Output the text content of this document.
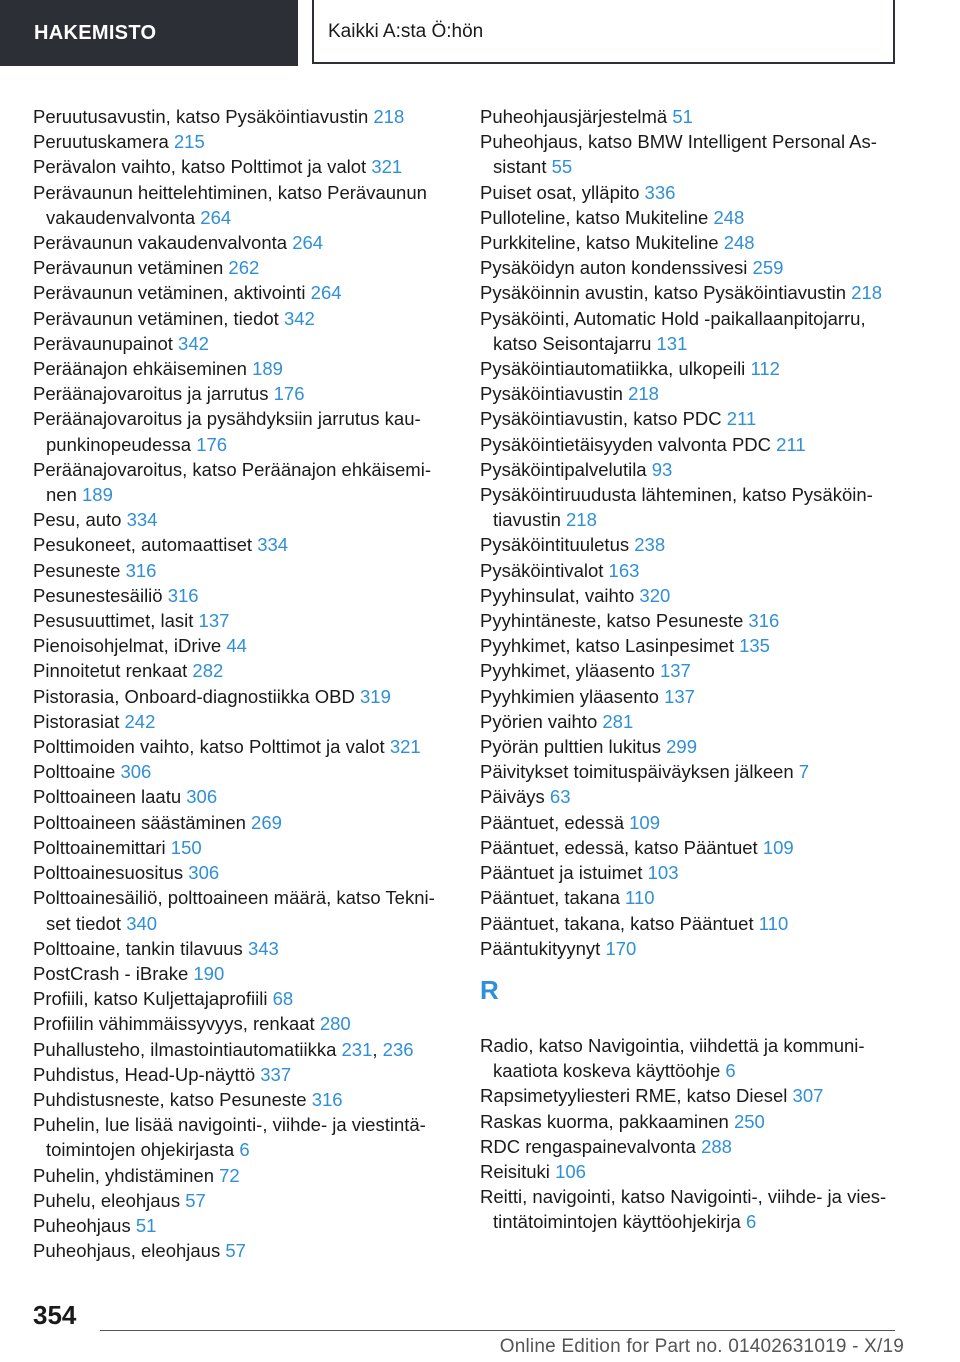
HAKEMISTO	Kaikki A:sta Ö:hön

Peruutusavustin, katso Pysäköintiavustin 218

Peruutuskamera 215

Perävalon vaihto, katso Polttimot ja valot 321

Perävaunun heittelehtiminen, katso Perävaunun vakaudenvalvonta 264

Perävaunun vakaudenvalvonta 264

Perävaunun vetäminen 262

Perävaunun vetäminen, aktivointi 264

Perävaunun vetäminen, tiedot 342

Perävaunupainot 342

Peräänajon ehkäiseminen 189

Peräänajovaroitus ja jarrutus 176

Peräänajovaroitus ja pysähdyksiin jarrutus kaupunkinopeudessa 176

Peräänajovaroitus, katso Peräänajon ehkäiseminen 189

Pesu, auto 334

Pesukoneet, automaattiset 334

Pesuneste 316

Pesunestesäiliö 316

Pesusuuttimet, lasit 137

Pienoisohjelmat, iDrive 44

Pinnoitetut renkaat 282

Pistorasia, Onboard-diagnostiikka OBD 319

Pistorasiat 242

Polttimoiden vaihto, katso Polttimot ja valot 321

Polttoaine 306

Polttoaineen laatu 306

Polttoaineen säästäminen 269

Polttoainemittari 150

Polttoainesuositus 306

Polttoainesäiliö, polttoaineen määrä, katso Tekniset tiedot 340

Polttoaine, tankin tilavuus 343

PostCrash - iBrake 190

Profiili, katso Kuljettajaprofiili 68

Profiilin vähimmäissyvyys, renkaat 280

Puhallusteho, ilmastointiautomatiikka 231, 236

Puhdistus, Head-Up-näyttö 337

Puhdistusneste, katso Pesuneste 316

Puhelin, lue lisää navigointi-, viihde- ja viestintätoimintojen ohjekirjasta 6

Puhelin, yhdistäminen 72

Puhelu, eleohjaus 57

Puheohjaus 51

Puheohjaus, eleohjaus 57

Puheohjausjärjestelmä 51

Puheohjaus, katso BMW Intelligent Personal Assistant 55

Puiset osat, ylläpito 336

Pulloteline, katso Mukiteline 248

Purkkiteline, katso Mukiteline 248

Pysäköidyn auton kondenssivesi 259

Pysäköinnin avustin, katso Pysäköintiavustin 218

Pysäköinti, Automatic Hold -paikallaanpitojarru, katso Seisontajarru 131

Pysäköintiautomatiikka, ulkopeili 112

Pysäköintiavustin 218

Pysäköintiavustin, katso PDC 211

Pysäköintietäisyyden valvonta PDC 211

Pysäköintipalvelutila 93

Pysäköintiruudusta lähteminen, katso Pysäköintiavustin 218

Pysäköintituuletus 238

Pysäköintivalot 163

Pyyhinsulat, vaihto 320

Pyyhintäneste, katso Pesuneste 316

Pyyhkimet, katso Lasinpesimet 135

Pyyhkimet, yläasento 137

Pyyhkimien yläasento 137

Pyörien vaihto 281

Pyörän pulttien lukitus 299

Päivitykset toimituspäiväyksen jälkeen 7

Päiväys 63

Pääntuet, edessä 109

Pääntuet, edessä, katso Pääntuet 109

Pääntuet ja istuimet 103

Pääntuet, takana 110

Pääntuet, takana, katso Pääntuet 110

Pääntukityynyt 170

R

Radio, katso Navigointia, viihdettä ja kommunikaatiota koskeva käyttöohje 6

Rapsimetyyliesteri RME, katso Diesel 307

Raskas kuorma, pakkaaminen 250

RDC rengaspainevalvonta 288

Reisituki 106

Reitti, navigointi, katso Navigointi-, viihde- ja viestintätoimintojen käyttöohjekirja 6

354
Online Edition for Part no. 01402631019 - X/19
